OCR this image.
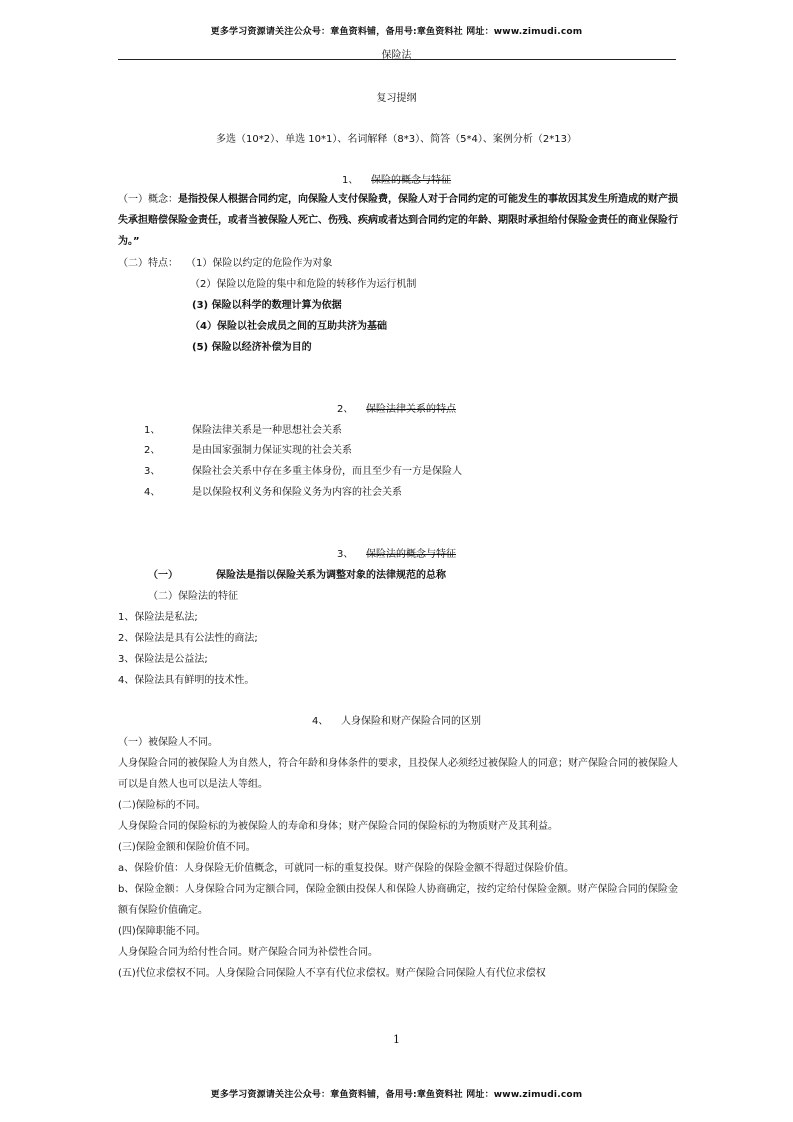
更多学习资源请关注公众号：章鱼资料铺，备用号:章鱼资料社 网址：www.zimudi.com
保险法
复习提纲
多选（10*2）、单选 10*1）、名词解释（8*3）、简答（5*4）、案例分析（2*13）
1、 保险的概念与特征
（一）概念：是指投保人根据合同约定，向保险人支付保险费，保险人对于合同约定的可能发生的事故因其发生所造成的财产损失承担赔偿保险金责任，或者当被保险人死亡、伤残、疾病或者达到合同约定的年龄、期限时承担给付保险金责任的商业保险行为。”
（二）特点： （1）保险以约定的危险作为对象
（2）保险以危险的集中和危险的转移作为运行机制
(3) 保险以科学的数理计算为依据
（4）保险以社会成员之间的互助共济为基础
(5) 保险以经济补偿为目的
2、 保险法律关系的特点
1、	保险法律关系是一种思想社会关系
2、	是由国家强制力保证实现的社会关系
3、	保险社会关系中存在多重主体身份，而且至少有一方是保险人
4、	是以保险权利义务和保险义务为内容的社会关系
3、 保险法的概念与特征
（一）	保险法是指以保险关系为调整对象的法律规范的总称
（二）保险法的特征
1、保险法是私法;
2、保险法是具有公法性的商法;
3、保险法是公益法;
4、保险法具有鲜明的技术性。
4、 人身保险和财产保险合同的区别
（一）被保险人不同。
人身保险合同的被保险人为自然人，符合年龄和身体条件的要求，且投保人必须经过被保险人的同意；财产保险合同的被保险人可以是自然人也可以是法人等组。
(二)保险标的不同。
人身保险合同的保险标的为被保险人的寿命和身体；财产保险合同的保险标的为物质财产及其利益。
(三)保险金额和保险价值不同。
a、保险价值：人身保险无价值概念，可就同一标的重复投保。财产保险的保险金额不得超过保险价值。
b、保险金额：人身保险合同为定额合同，保险金额由投保人和保险人协商确定，按约定给付保险金额。财产保险合同的保险金额有保险价值确定。
(四)保障职能不同。
人身保险合同为给付性合同。财产保险合同为补偿性合同。
(五)代位求偿权不同。人身保险合同保险人不享有代位求偿权。财产保险合同保险人有代位求偿权
1
更多学习资源请关注公众号：章鱼资料铺，备用号:章鱼资料社 网址：www.zimudi.com
